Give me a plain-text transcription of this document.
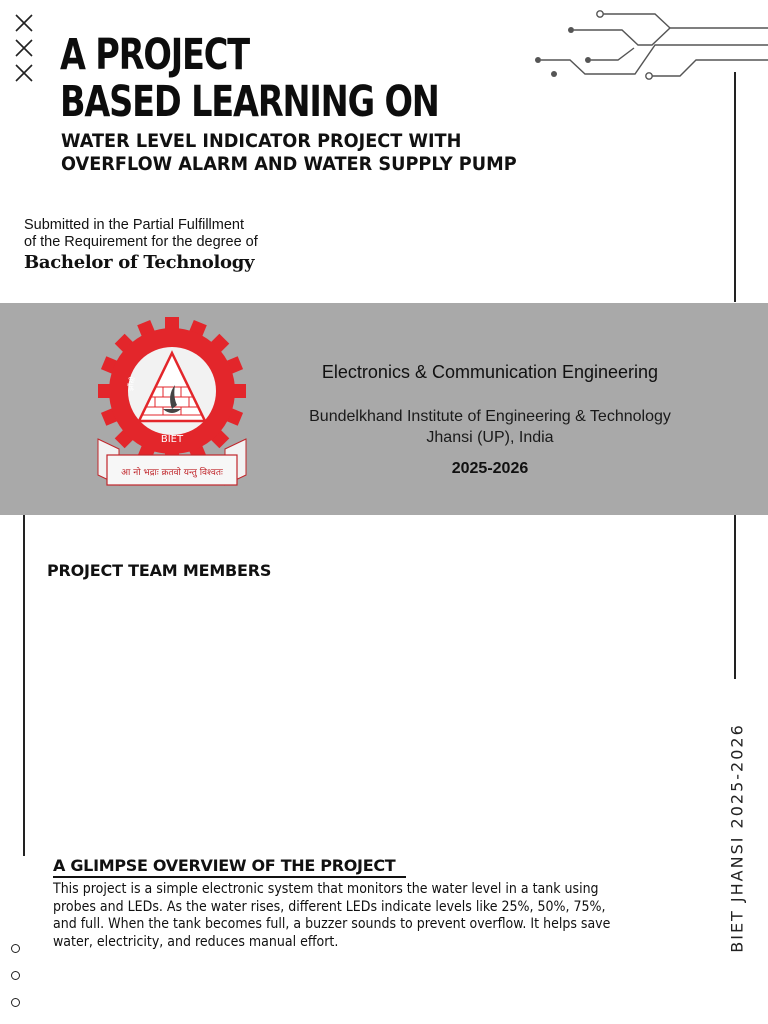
A PROJECT
BASED LEARNING ON
WATER LEVEL INDICATOR PROJECT WITH
OVERFLOW ALARM AND WATER SUPPLY PUMP
Submitted in the Partial Fulfillment
of the Requirement for the degree of
Bachelor of Technology
झाँसी
BIET
आ नो भद्राः क्रतवो यन्तु विश्वतः
Electronics & Communication Engineering
Bundelkhand Institute of Engineering & Technology
Jhansi (UP), India
2025-2026
PROJECT TEAM MEMBERS
A GLIMPSE OVERVIEW OF THE PROJECT
This project is a simple electronic system that monitors the water level in a tank using probes and LEDs. As the water rises, different LEDs indicate levels like 25%, 50%, 75%, and full. When the tank becomes full, a buzzer sounds to prevent overflow. It helps save water, electricity, and reduces manual effort.	BIET JHANSI 2025-2026
